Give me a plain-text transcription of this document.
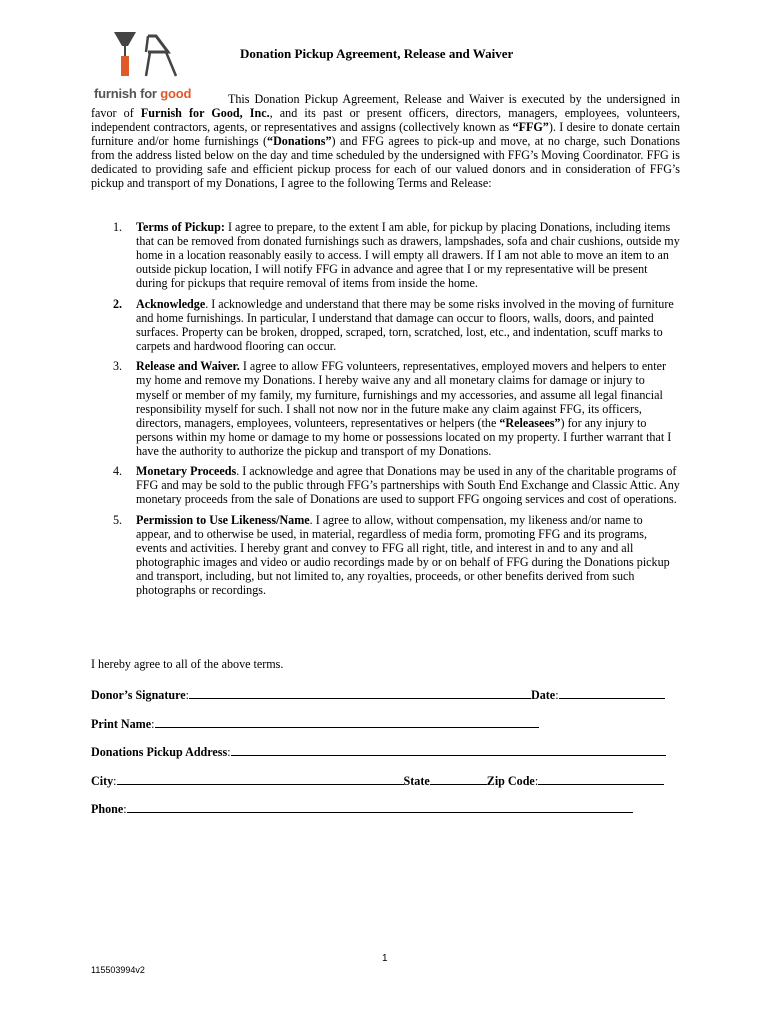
furnish for good
Donation Pickup Agreement, Release and Waiver
This Donation Pickup Agreement, Release and Waiver is executed by the undersigned in favor of Furnish for Good, Inc., and its past or present officers, directors, managers, employees, volunteers, independent contractors, agents, or representatives and assigns (collectively known as “FFG”). I desire to donate certain furniture and/or home furnishings (“Donations”) and FFG agrees to pick-up and move, at no charge, such Donations from the address listed below on the day and time scheduled by the undersigned with FFG’s Moving Coordinator. FFG is dedicated to providing safe and efficient pickup process for each of our valued donors and in consideration of FFG’s pickup and transport of my Donations, I agree to the following Terms and Release:
1. Terms of Pickup: I agree to prepare, to the extent I am able, for pickup by placing Donations, including items that can be removed from donated furnishings such as drawers, lampshades, sofa and chair cushions, outside my home in a location reasonably easily to access. I will empty all drawers. If I am not able to move an item to an outside pickup location, I will notify FFG in advance and agree that I or my representative will be present during for pickups that require removal of items from inside the home.
2. Acknowledge. I acknowledge and understand that there may be some risks involved in the moving of furniture and home furnishings. In particular, I understand that damage can occur to floors, walls, doors, and painted surfaces. Property can be broken, dropped, scraped, torn, scratched, lost, etc., and indentation, scuff marks to carpets and hardwood flooring can occur.
3. Release and Waiver. I agree to allow FFG volunteers, representatives, employed movers and helpers to enter my home and remove my Donations. I hereby waive any and all monetary claims for damage or injury to myself or member of my family, my furniture, furnishings and my accessories, and assume all legal financial responsibility myself for such. I shall not now nor in the future make any claim against FFG, its officers, directors, managers, employees, volunteers, representatives or helpers (the “Releasees”) for any injury to persons within my home or damage to my home or possessions located on my property. I further warrant that I have the authority to authorize the pickup and transport of my Donations.
4. Monetary Proceeds. I acknowledge and agree that Donations may be used in any of the charitable programs of FFG and may be sold to the public through FFG’s partnerships with South End Exchange and Classic Attic. Any monetary proceeds from the sale of Donations are used to support FFG ongoing services and cost of operations.
5. Permission to Use Likeness/Name. I agree to allow, without compensation, my likeness and/or name to appear, and to otherwise be used, in material, regardless of media form, promoting FFG and its programs, events and activities. I hereby grant and convey to FFG all right, title, and interest in and to any and all photographic images and video or audio recordings made by or on behalf of FFG during the Donations pickup and transport, including, but not limited to, any royalties, proceeds, or other benefits derived from such photographs or recordings.
I hereby agree to all of the above terms.
Donor’s Signature :	Date :
Print Name :
Donations Pickup Address :
City :	State	Zip Code :
Phone :
1
115503994v2
